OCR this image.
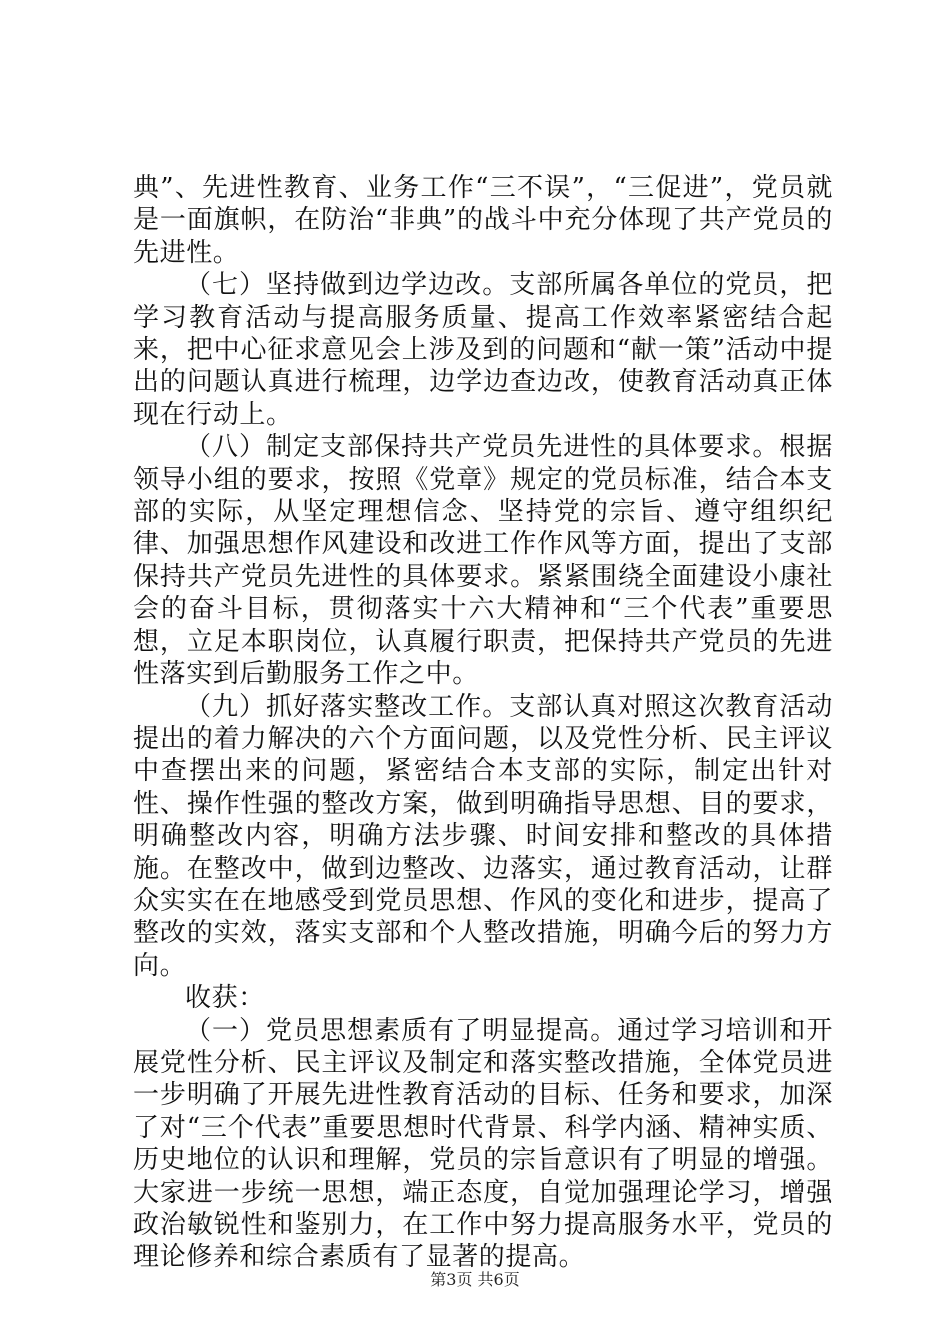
典”、先进性教育、业务工作“三不误”，“三促进”，党员就是一面旗帜，在防治“非典”的战斗中充分体现了共产党员的先进性。

（七）坚持做到边学边改。支部所属各单位的党员，把学习教育活动与提高服务质量、提高工作效率紧密结合起来，把中心征求意见会上涉及到的问题和“献一策”活动中提出的问题认真进行梳理，边学边查边改，使教育活动真正体现在行动上。

（八）制定支部保持共产党员先进性的具体要求。根据领导小组的要求，按照《党章》规定的党员标准，结合本支部的实际，从坚定理想信念、坚持党的宗旨、遵守组织纪律、加强思想作风建设和改进工作作风等方面，提出了支部保持共产党员先进性的具体要求。紧紧围绕全面建设小康社会的奋斗目标，贯彻落实十六大精神和“三个代表”重要思想，立足本职岗位，认真履行职责，把保持共产党员的先进性落实到后勤服务工作之中。

（九）抓好落实整改工作。支部认真对照这次教育活动提出的着力解决的六个方面问题，以及党性分析、民主评议中查摆出来的问题，紧密结合本支部的实际，制定出针对性、操作性强的整改方案，做到明确指导思想、目的要求，明确整改内容，明确方法步骤、时间安排和整改的具体措施。在整改中，做到边整改、边落实，通过教育活动，让群众实实在在地感受到党员思想、作风的变化和进步，提高了整改的实效，落实支部和个人整改措施，明确今后的努力方向。

收获：

（一）党员思想素质有了明显提高。通过学习培训和开展党性分析、民主评议及制定和落实整改措施，全体党员进一步明确了开展先进性教育活动的目标、任务和要求，加深了对“三个代表”重要思想时代背景、科学内涵、精神实质、历史地位的认识和理解，党员的宗旨意识有了明显的增强。大家进一步统一思想，端正态度，自觉加强理论学习，增强政治敏锐性和鉴别力，在工作中努力提高服务水平，党员的理论修养和综合素质有了显著的提高。

第3页 共6页
